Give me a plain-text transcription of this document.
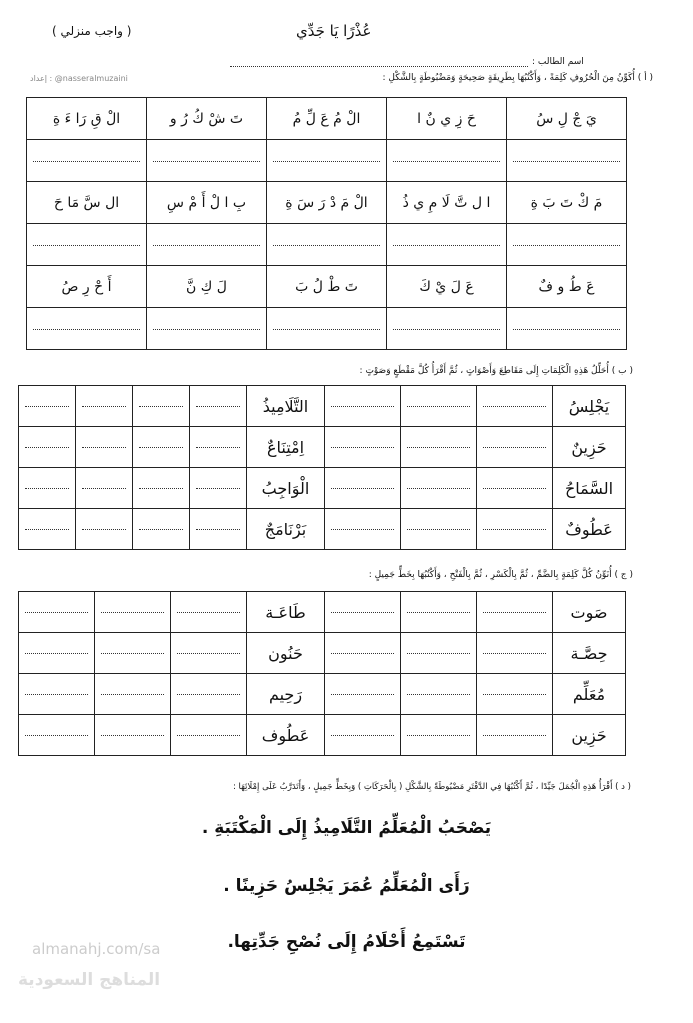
( واجب منزلي )	عُذْرًا يَا جَدِّي
اسم الطالب :
إعداد : @nasseralmuzaini	( أ ) أُكَوِّنُ مِنَ الْحُرُوفِ كَلِمَةً ، وَأَكْتُبُهَا بِطَرِيقَةٍ صَحِيحَةٍ وَمَضْبُوطَةٍ بِالشَّكْلِ :
الْ قِ رَا ءَ ةِ	تَ شْ كُ رُ و	الْ مُ عَ لِّ مُ	حَ زِ ي نٌ ا	يَ جْ لِ سُ

ال سَّ مَا حَ	بِ ا لْ أَ مْ سِ	الْ مَ دْ رَ سَ ةِ	ا ل تَّ لَا مِ ي ذُ	مَ كْ تَ بَ ةِ

أَ حْ رِ صُ	لَ كِ نَّ	تَ طْ لُ بَ	عَ لَ يْ كَ	عَ طُ و فٌ

( ب ) أُحَلِّلُ هَذِهِ الْكَلِمَاتِ إِلَى مَقَاطِعَ وَأَصْوَاتٍ ، ثُمَّ أَقْرَأُ كُلَّ مَقْطَعٍ وَصَوْتٍ :

	التَّلَامِيذُ				يَجْلِسُ

	اِمْتِنَاعٌ				حَزِينٌ

	الْوَاجِبُ				السَّمَاحُ

	بَرْنَامَجٌ				عَطُوفٌ
( ج ) أُنَوِّنُ كُلَّ كَلِمَةٍ بِالضَّمِّ ، ثُمَّ بِالْكَسْرِ ، ثُمَّ بِالْفَتْحِ ، وَأَكْتُبُهَا بِخَطٍّ جَمِيلٍ :

	طَاعَـة				صَوت

	حَنُون				حِصَّـة

	رَحِيم				مُعَلِّم

	عَطُوف				حَزِين
( د ) أَقْرَأُ هَذِهِ الْجُمَلَ جَيِّدًا ، ثُمَّ أَكْتُبُهَا فِي الدَّفْتَرِ مَضْبُوطَةً بِالشَّكْلِ ( بِالْحَرَكَاتِ ) وَبِخَطٍّ جَمِيلٍ ، وَأَتَدَرَّبُ عَلَى إِمْلَائِهَا :
يَصْحَبُ الْمُعَلِّمُ التَّلَامِيذُ إِلَى الْمَكْتَبَةِ .
رَأَى الْمُعَلِّمُ عُمَرَ يَجْلِسُ حَزِينًا .
تَسْتَمِعُ أَحْلَامُ إِلَى نُصْحِ جَدِّتِها.
almanahj.com/sa
المناهج السعودية
